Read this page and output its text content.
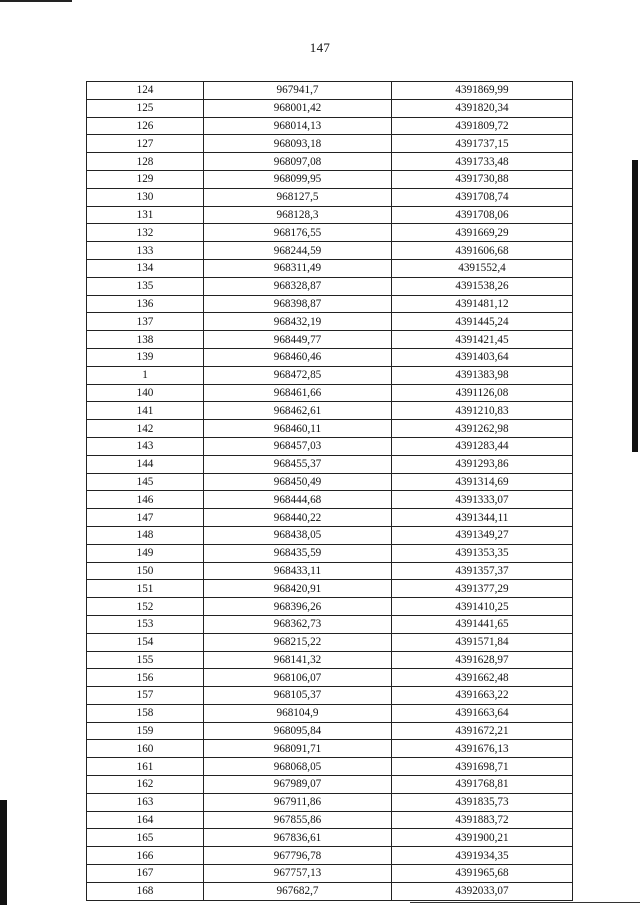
147
124	967941,7	4391869,99
125	968001,42	4391820,34
126	968014,13	4391809,72
127	968093,18	4391737,15
128	968097,08	4391733,48
129	968099,95	4391730,88
130	968127,5	4391708,74
131	968128,3	4391708,06
132	968176,55	4391669,29
133	968244,59	4391606,68
134	968311,49	4391552,4
135	968328,87	4391538,26
136	968398,87	4391481,12
137	968432,19	4391445,24
138	968449,77	4391421,45
139	968460,46	4391403,64
1	968472,85	4391383,98
140	968461,66	4391126,08
141	968462,61	4391210,83
142	968460,11	4391262,98
143	968457,03	4391283,44
144	968455,37	4391293,86
145	968450,49	4391314,69
146	968444,68	4391333,07
147	968440,22	4391344,11
148	968438,05	4391349,27
149	968435,59	4391353,35
150	968433,11	4391357,37
151	968420,91	4391377,29
152	968396,26	4391410,25
153	968362,73	4391441,65
154	968215,22	4391571,84
155	968141,32	4391628,97
156	968106,07	4391662,48
157	968105,37	4391663,22
158	968104,9	4391663,64
159	968095,84	4391672,21
160	968091,71	4391676,13
161	968068,05	4391698,71
162	967989,07	4391768,81
163	967911,86	4391835,73
164	967855,86	4391883,72
165	967836,61	4391900,21
166	967796,78	4391934,35
167	967757,13	4391965,68
168	967682,7	4392033,07
